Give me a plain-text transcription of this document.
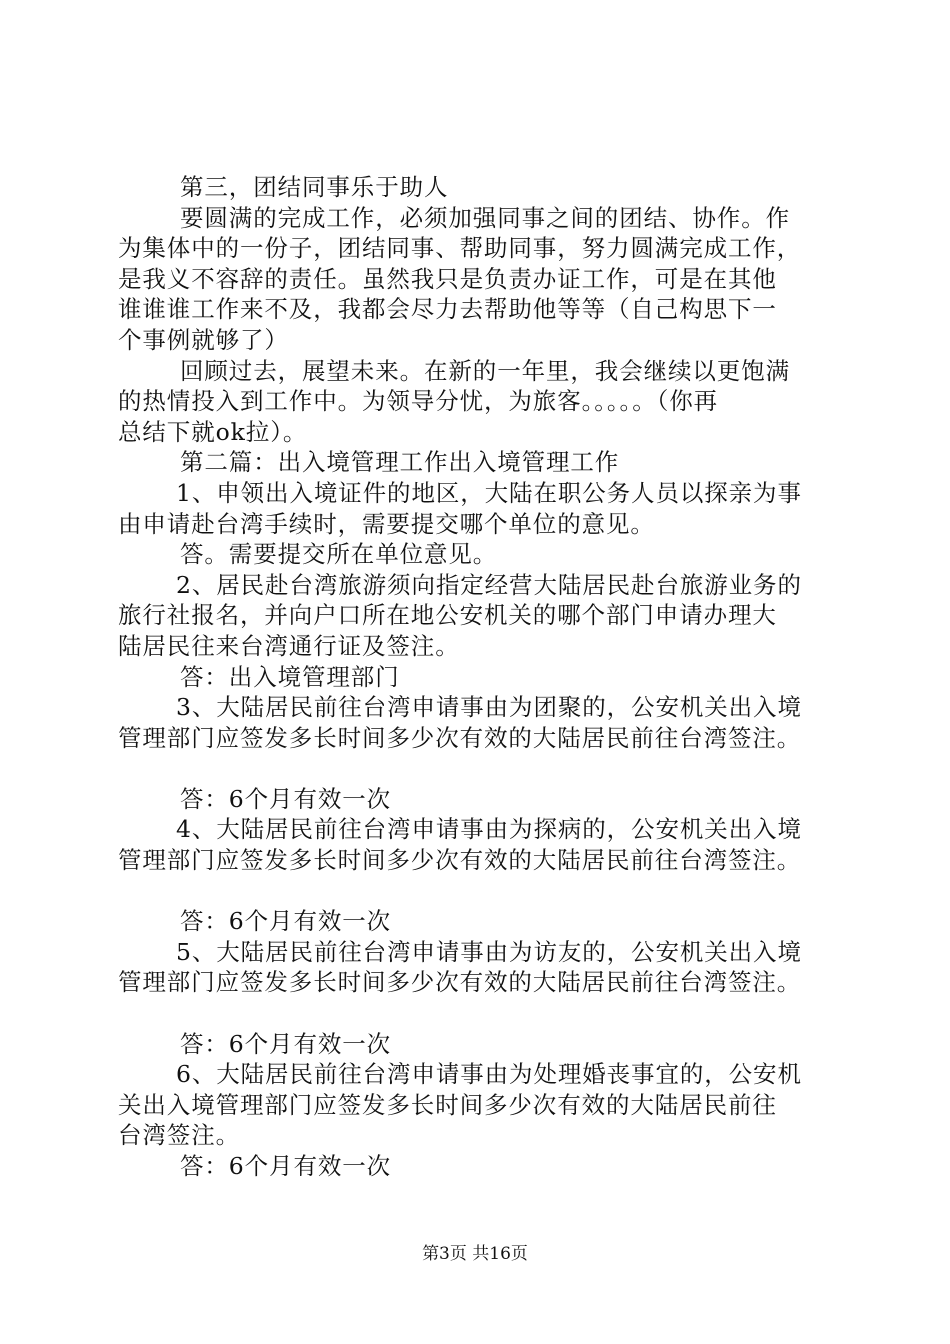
第三，团结同事乐于助人
要圆满的完成工作，必须加强同事之间的团结、协作。作
为集体中的一份子，团结同事、帮助同事，努力圆满完成工作，
是我义不容辞的责任。虽然我只是负责办证工作，可是在其他
谁谁谁工作来不及，我都会尽力去帮助他等等（自己构思下一
个事例就够了）
回顾过去，展望未来。在新的一年里，我会继续以更饱满
的热情投入到工作中。为领导分忧，为旅客。。。。。（你再
总结下就ok拉）。
第二篇：出入境管理工作出入境管理工作
1、申领出入境证件的地区，大陆在职公务人员以探亲为事
由申请赴台湾手续时，需要提交哪个单位的意见。
答。需要提交所在单位意见。
2、居民赴台湾旅游须向指定经营大陆居民赴台旅游业务的
旅行社报名，并向户口所在地公安机关的哪个部门申请办理大
陆居民往来台湾通行证及签注。
答：出入境管理部门
3、大陆居民前往台湾申请事由为团聚的，公安机关出入境
管理部门应签发多长时间多少次有效的大陆居民前往台湾签注。
答：6个月有效一次
4、大陆居民前往台湾申请事由为探病的，公安机关出入境
管理部门应签发多长时间多少次有效的大陆居民前往台湾签注。
答：6个月有效一次
5、大陆居民前往台湾申请事由为访友的，公安机关出入境
管理部门应签发多长时间多少次有效的大陆居民前往台湾签注。
答：6个月有效一次
6、大陆居民前往台湾申请事由为处理婚丧事宜的，公安机
关出入境管理部门应签发多长时间多少次有效的大陆居民前往
台湾签注。
答：6个月有效一次
第3页 共16页
